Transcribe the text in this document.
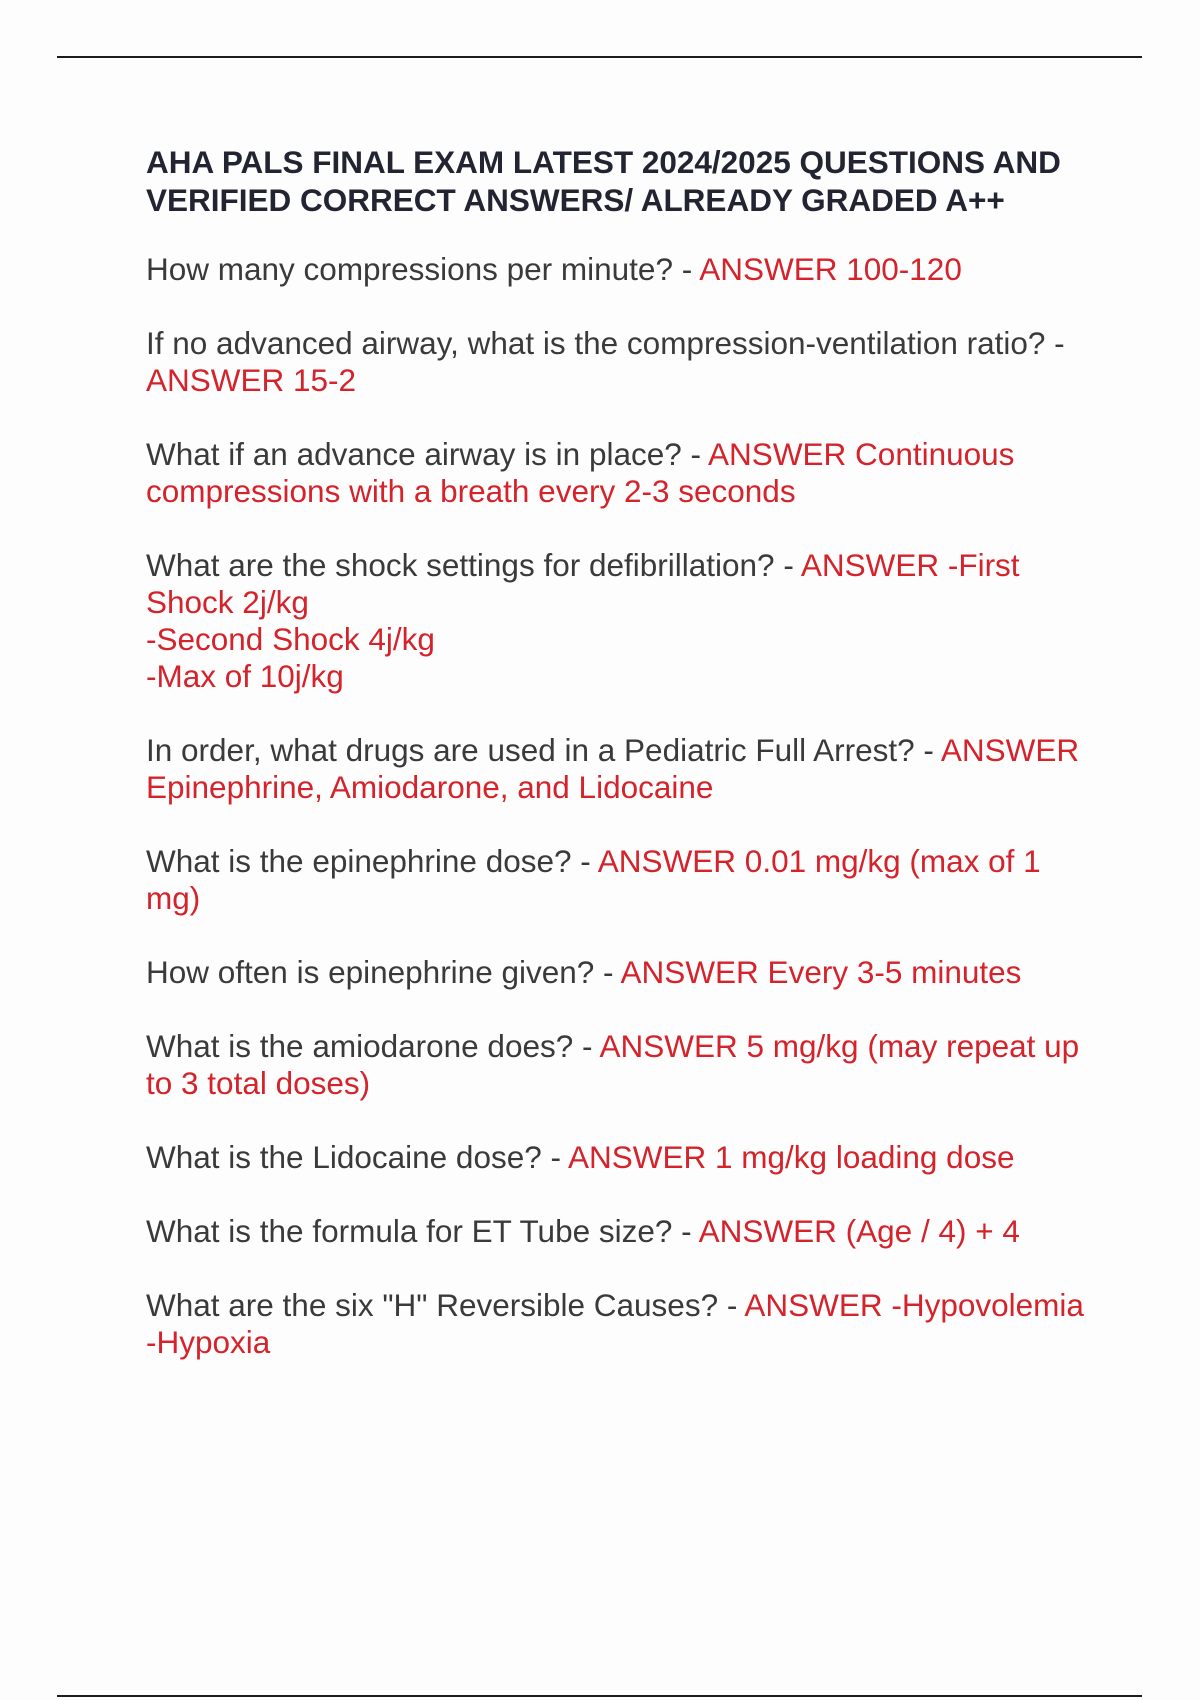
AHA PALS FINAL EXAM LATEST 2024/2025 QUESTIONS AND VERIFIED CORRECT ANSWERS/ ALREADY GRADED A++
How many compressions per minute? - ANSWER 100-120
If no advanced airway, what is the compression-ventilation ratio? - ANSWER 15-2
What if an advance airway is in place? - ANSWER Continuous compressions with a breath every 2-3 seconds
What are the shock settings for defibrillation? - ANSWER -First Shock 2j/kg
-Second Shock 4j/kg
-Max of 10j/kg
In order, what drugs are used in a Pediatric Full Arrest? - ANSWER Epinephrine, Amiodarone, and Lidocaine
What is the epinephrine dose? - ANSWER 0.01 mg/kg (max of 1 mg)
How often is epinephrine given? - ANSWER Every 3-5 minutes
What is the amiodarone does? - ANSWER 5 mg/kg (may repeat up to 3 total doses)
What is the Lidocaine dose? - ANSWER 1 mg/kg loading dose
What is the formula for ET Tube size? - ANSWER (Age / 4) + 4
What are the six "H" Reversible Causes? - ANSWER -Hypovolemia
-Hypoxia
